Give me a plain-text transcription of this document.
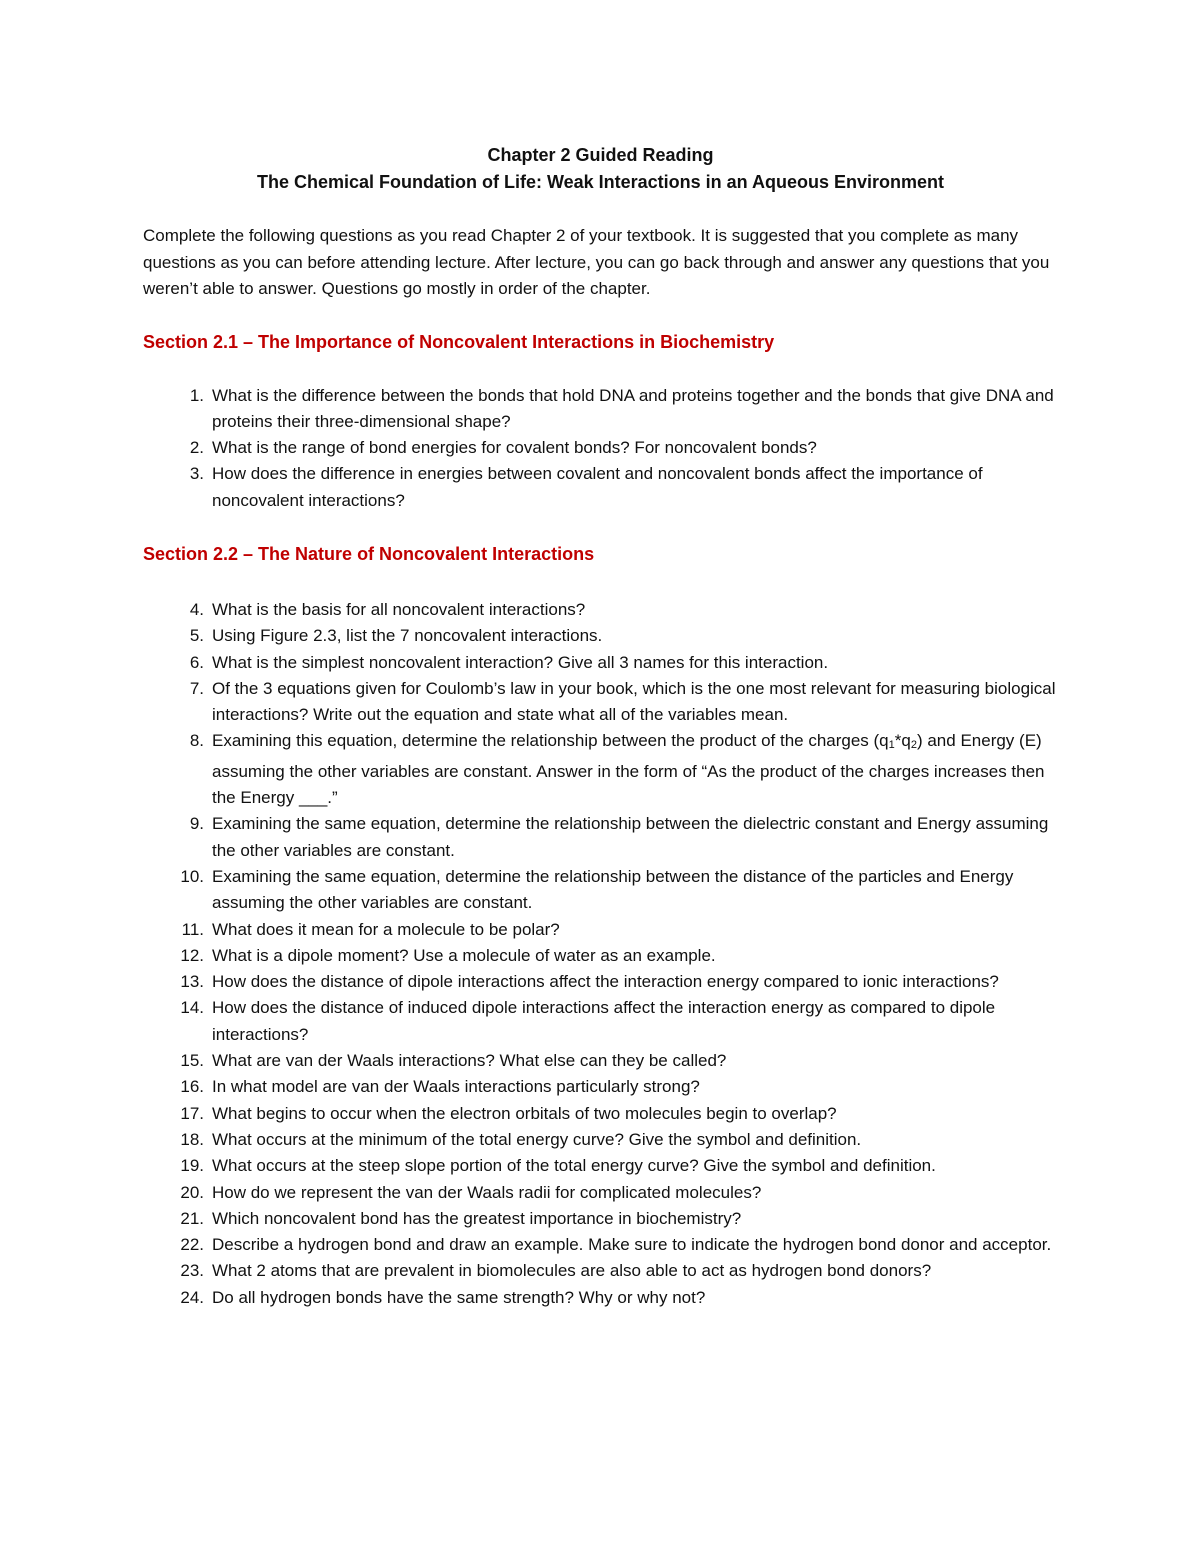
Chapter 2 Guided Reading

The Chemical Foundation of Life: Weak Interactions in an Aqueous Environment

Complete the following questions as you read Chapter 2 of your textbook. It is suggested that you complete as many questions as you can before attending lecture. After lecture, you can go back through and answer any questions that you weren’t able to answer. Questions go mostly in order of the chapter.

Section 2.1 – The Importance of Noncovalent Interactions in Biochemistry

1. What is the difference between the bonds that hold DNA and proteins together and the bonds that give DNA and proteins their three-dimensional shape?
2. What is the range of bond energies for covalent bonds? For noncovalent bonds?
3. How does the difference in energies between covalent and noncovalent bonds affect the importance of noncovalent interactions?

Section 2.2 – The Nature of Noncovalent Interactions

4. What is the basis for all noncovalent interactions?
5. Using Figure 2.3, list the 7 noncovalent interactions.
6. What is the simplest noncovalent interaction? Give all 3 names for this interaction.
7. Of the 3 equations given for Coulomb’s law in your book, which is the one most relevant for measuring biological interactions? Write out the equation and state what all of the variables mean.
8. Examining this equation, determine the relationship between the product of the charges $(q_1*q_2)$ and Energy (E) assuming the other variables are constant. Answer in the form of “As the product of the charges increases then the Energy ___.”
9. Examining the same equation, determine the relationship between the dielectric constant and Energy assuming the other variables are constant.
10. Examining the same equation, determine the relationship between the distance of the particles and Energy assuming the other variables are constant.
11. What does it mean for a molecule to be polar?
12. What is a dipole moment? Use a molecule of water as an example.
13. How does the distance of dipole interactions affect the interaction energy compared to ionic interactions?
14. How does the distance of induced dipole interactions affect the interaction energy as compared to dipole interactions?
15. What are van der Waals interactions? What else can they be called?
16. In what model are van der Waals interactions particularly strong?
17. What begins to occur when the electron orbitals of two molecules begin to overlap?
18. What occurs at the minimum of the total energy curve? Give the symbol and definition.
19. What occurs at the steep slope portion of the total energy curve? Give the symbol and definition.
20. How do we represent the van der Waals radii for complicated molecules?
21. Which noncovalent bond has the greatest importance in biochemistry?
22. Describe a hydrogen bond and draw an example. Make sure to indicate the hydrogen bond donor and acceptor.
23. What 2 atoms that are prevalent in biomolecules are also able to act as hydrogen bond donors?
24. Do all hydrogen bonds have the same strength? Why or why not?
